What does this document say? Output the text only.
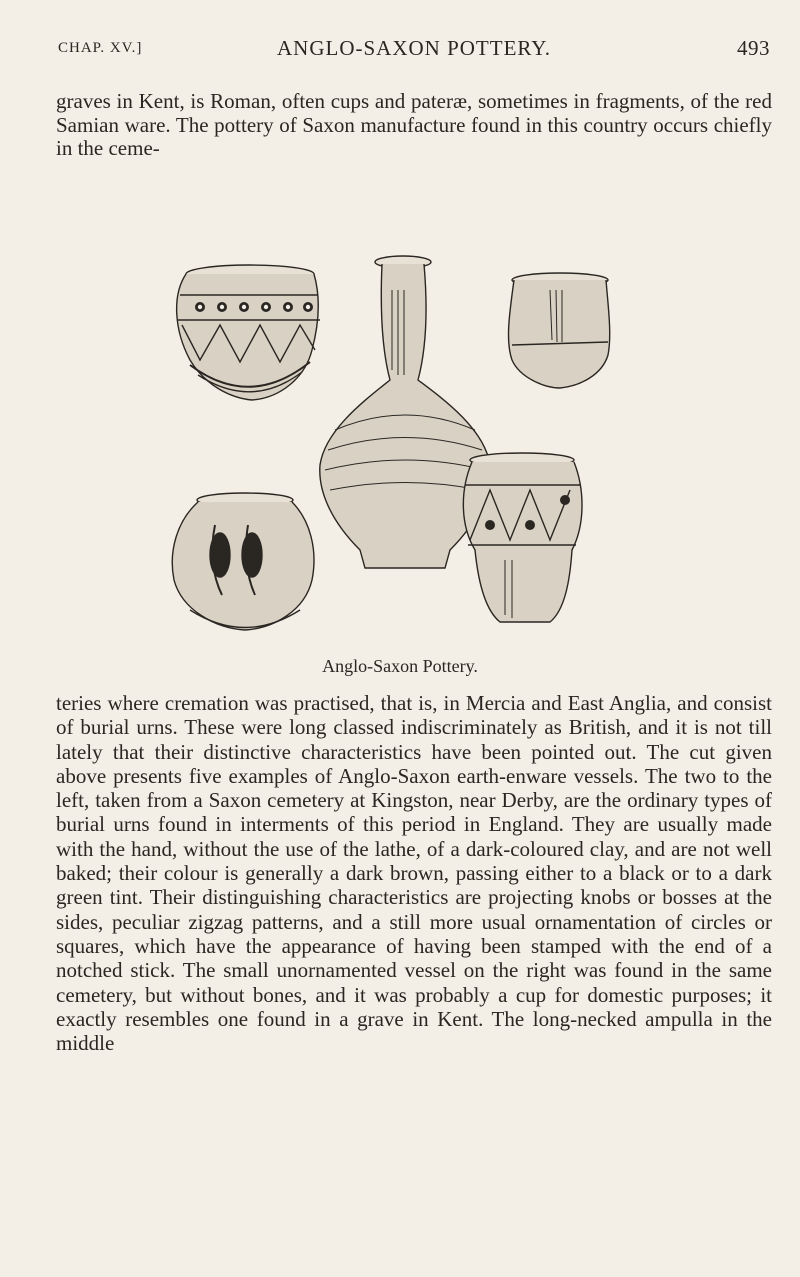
CHAP. XV.]	ANGLO-SAXON POTTERY.	493

graves in Kent, is Roman, often cups and pateræ, sometimes in fragments, of the red Samian ware. The pottery of Saxon manufacture found in this country occurs chiefly in the ceme-

Anglo-Saxon Pottery.

teries where cremation was practised, that is, in Mercia and East Anglia, and consist of burial urns. These were long classed indiscriminately as British, and it is not till lately that their distinctive characteristics have been pointed out. The cut given above presents five examples of Anglo-Saxon earth-enware vessels. The two to the left, taken from a Saxon cemetery at Kingston, near Derby, are the ordinary types of burial urns found in interments of this period in England. They are usually made with the hand, without the use of the lathe, of a dark-coloured clay, and are not well baked; their colour is generally a dark brown, passing either to a black or to a dark green tint. Their distinguishing characteristics are projecting knobs or bosses at the sides, peculiar zigzag patterns, and a still more usual ornamentation of circles or squares, which have the appearance of having been stamped with the end of a notched stick. The small unornamented vessel on the right was found in the same cemetery, but without bones, and it was probably a cup for domestic purposes; it exactly resembles one found in a grave in Kent. The long-necked ampulla in the middle
